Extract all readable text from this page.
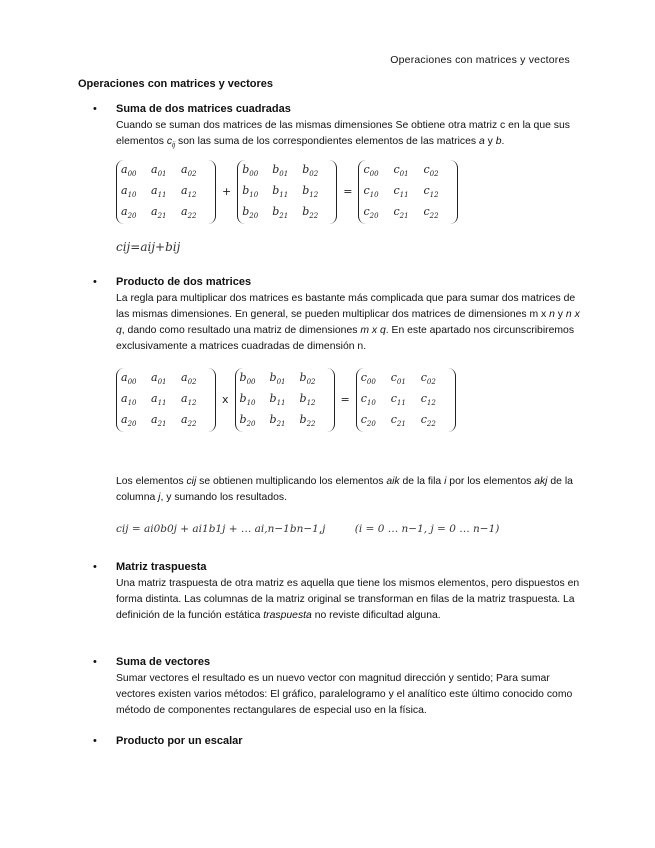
Operaciones con matrices y vectores
Operaciones con matrices y vectores
• Suma de dos matrices cuadradas
Cuando se suman dos matrices de las mismas dimensiones Se obtiene otra matriz c en la que sus elementos $c_{ij}$ son las suma de los correspondientes elementos de las matrices a y b.
$a_{00}$	$a_{01}$	$a_{02}$
$a_{10}$	$a_{11}$	$a_{12}$
$a_{20}$	$a_{21}$	$a_{22}$
+
$b_{00}$	$b_{01}$	$b_{02}$
$b_{10}$	$b_{11}$	$b_{12}$
$b_{20}$	$b_{21}$	$b_{22}$
=
$c_{00}$	$c_{01}$	$c_{02}$
$c_{10}$	$c_{11}$	$c_{12}$
$c_{20}$	$c_{21}$	$c_{22}$
cij=aij+bij
• Producto de dos matrices
La regla para multiplicar dos matrices es bastante más complicada que para sumar dos matrices de las mismas dimensiones. En general, se pueden multiplicar dos matrices de dimensiones m x n y n x q, dando como resultado una matriz de dimensiones m x q. En este apartado nos circunscribiremos exclusivamente a matrices cuadradas de dimensión n.
$a_{00}$	$a_{01}$	$a_{02}$
$a_{10}$	$a_{11}$	$a_{12}$
$a_{20}$	$a_{21}$	$a_{22}$
x
$b_{00}$	$b_{01}$	$b_{02}$
$b_{10}$	$b_{11}$	$b_{12}$
$b_{20}$	$b_{21}$	$b_{22}$
=
$c_{00}$	$c_{01}$	$c_{02}$
$c_{10}$	$c_{11}$	$c_{12}$
$c_{20}$	$c_{21}$	$c_{22}$
Los elementos cij se obtienen multiplicando los elementos aik de la fila i por los elementos akj de la columna j, y sumando los resultados.
cij = ai0b0j + ai1b1j + … ai,n−1bn−1,j	(i = 0 … n−1, j = 0 … n−1)
• Matriz traspuesta
Una matriz traspuesta de otra matriz es aquella que tiene los mismos elementos, pero dispuestos en forma distinta. Las columnas de la matriz original se transforman en filas de la matriz traspuesta. La definición de la función estática traspuesta no reviste dificultad alguna.
• Suma de vectores
Sumar vectores el resultado es un nuevo vector con magnitud dirección y sentido; Para sumar vectores existen varios métodos: El gráfico, paralelogramo y el analítico este último conocido como método de componentes rectangulares de especial uso en la física.
• Producto por un escalar
